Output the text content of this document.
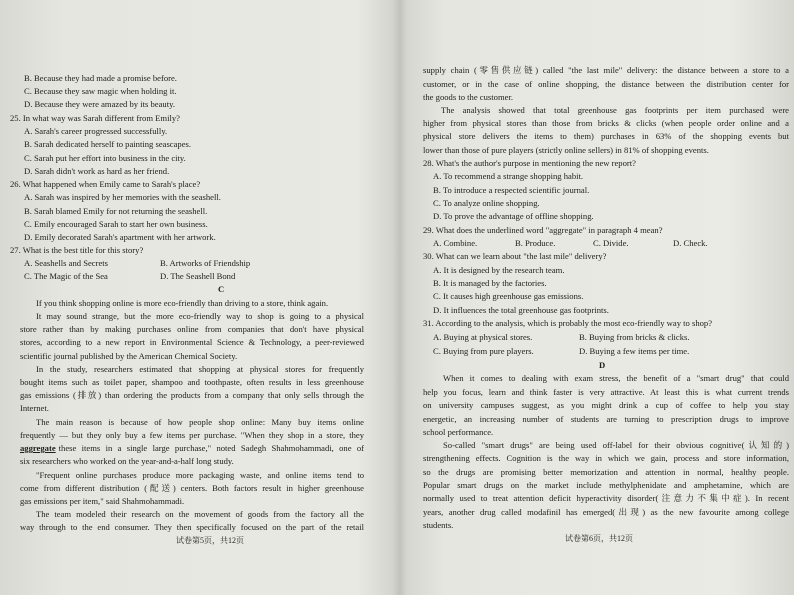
B. Because they had made a promise before.
C. Because they saw magic when holding it.
D. Because they were amazed by its beauty.
25. In what way was Sarah different from Emily?
A. Sarah's career progressed successfully.
B. Sarah dedicated herself to painting seascapes.
C. Sarah put her effort into business in the city.
D. Sarah didn't work as hard as her friend.
26. What happened when Emily came to Sarah's place?
A. Sarah was inspired by her memories with the seashell.
B. Sarah blamed Emily for not returning the seashell.
C. Emily encouraged Sarah to start her own business.
D. Emily decorated Sarah's apartment with her artwork.
27. What is the best title for this story?
A. Seashells and Secrets	B. Artworks of Friendship
C. The Magic of the Sea	D. The Seashell Bond
C
If you think shopping online is more eco-friendly than driving to a store, think again.
It may sound strange, but the more eco-friendly way to shop is going to a physical
store rather than by making purchases online from companies that don't have physical
stores, according to a new report in Environmental Science & Technology, a peer-reviewed
scientific journal published by the American Chemical Society.
In the study, researchers estimated that shopping at physical stores for frequently
bought items such as toilet paper, shampoo and toothpaste, often results in less greenhouse
gas emissions (排放) than ordering the products from a company that only sells through the
Internet.
The main reason is because of how people shop online: Many buy items online
frequently — but they only buy a few items per purchase. "When they shop in a store, they
aggregate these items in a single large purchase," noted Sadegh Shahmohammadi, one of
six researchers who worked on the year-and-a-half long study.
"Frequent online purchases produce more packaging waste, and online items tend to
come from different distribution (配送) centers. Both factors result in higher greenhouse
gas emissions per item," said Shahmohammadi.
The team modeled their research on the movement of goods from the factory all the
way through to the end consumer. They then specifically focused on the part of the retail
试卷第5页，共12页
supply chain (零售供应链) called "the last mile" delivery: the distance between a store to a
customer, or in the case of online shopping, the distance between the distribution center for
the goods to the customer.
The analysis showed that total greenhouse gas footprints per item purchased were
higher from physical stores than those from bricks & clicks (when people order online and a
physical store delivers the items to them) purchases in 63% of the shopping events but
lower than those of pure players (strictly online sellers) in 81% of shopping events.
28. What's the author's purpose in mentioning the new report?
A. To recommend a strange shopping habit.
B. To introduce a respected scientific journal.
C. To analyze online shopping.
D. To prove the advantage of offline shopping.
29. What does the underlined word "aggregate" in paragraph 4 mean?
A. Combine.	B. Produce.	C. Divide.	D. Check.
30. What can we learn about "the last mile" delivery?
A. It is designed by the research team.
B. It is managed by the factories.
C. It causes high greenhouse gas emissions.
D. It influences the total greenhouse gas footprints.
31. According to the analysis, which is probably the most eco-friendly way to shop?
A. Buying at physical stores.	B. Buying from bricks & clicks.
C. Buying from pure players.	D. Buying a few items per time.
D
When it comes to dealing with exam stress, the benefit of a "smart drug" that could
help you focus, learn and think faster is very attractive. At least this is what current trends
on university campuses suggest, as you might drink a cup of coffee to help you stay
energetic, an increasing number of students are turning to prescription drugs to improve
school performance.
So-called "smart drugs" are being used off-label for their obvious cognitive(认知的)
strengthening effects. Cognition is the way in which we gain, process and store information,
so the drugs are promising better memorization and attention in normal, healthy people.
Popular smart drugs on the market include methylphenidate and amphetamine, which are
normally used to treat attention deficit hyperactivity disorder(注意力不集中症). In recent
years, another drug called modafinil has emerged(出现) as the new favourite among college
students.
试卷第6页，共12页
